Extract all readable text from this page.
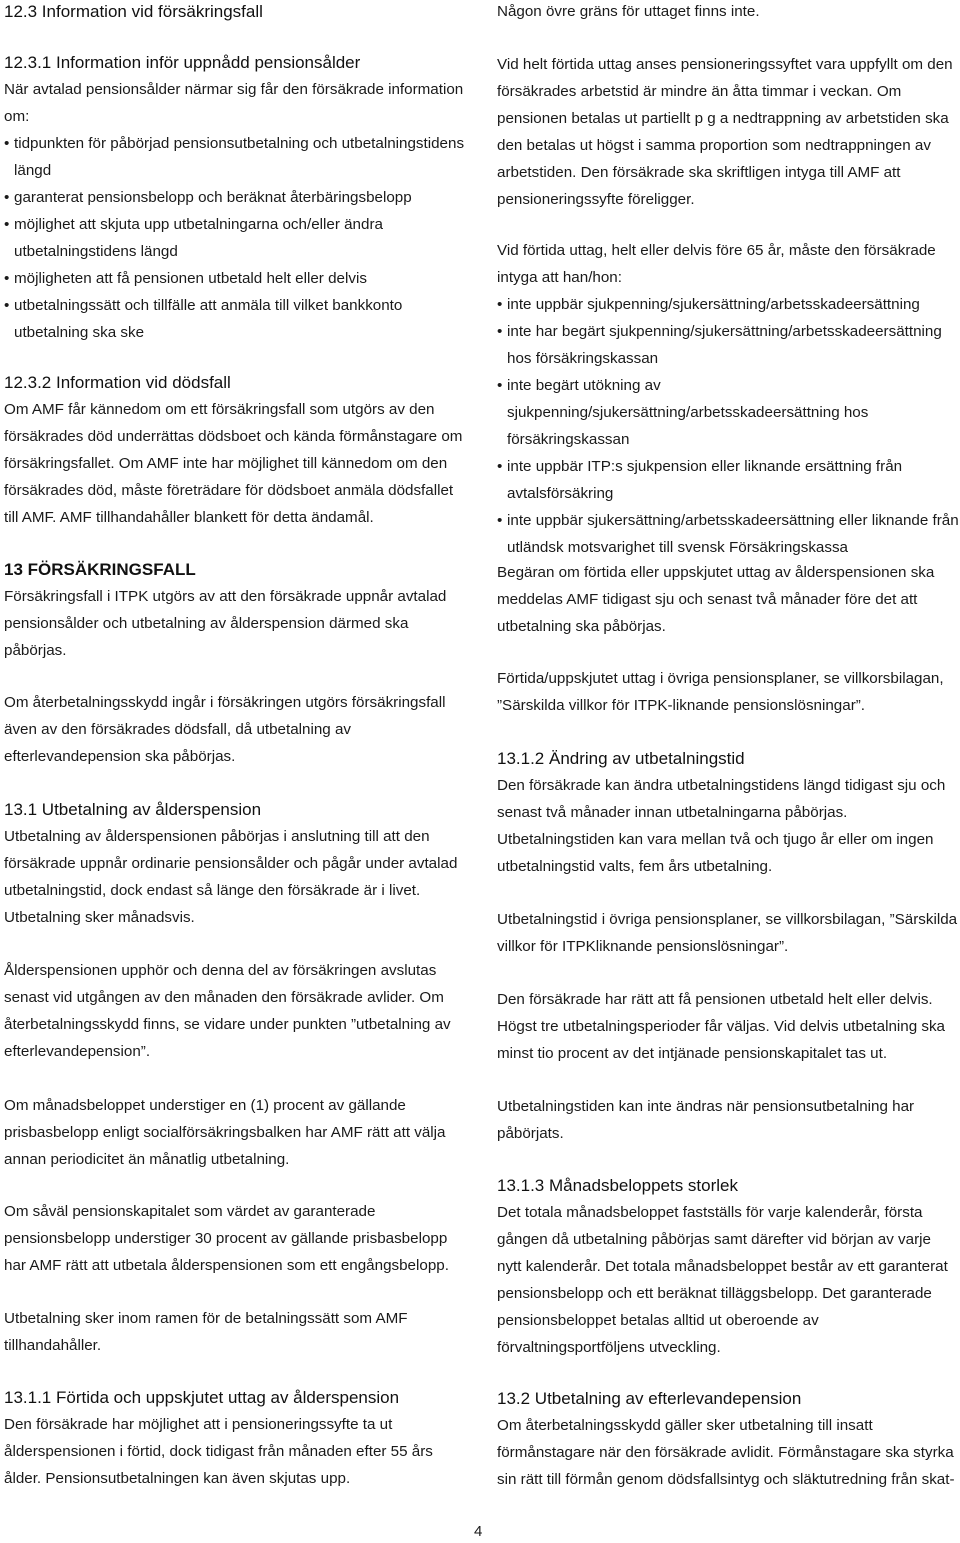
12.3 Information vid försäkringsfall
12.3.1 Information inför uppnådd pensionsålder

När avtalad pensionsålder närmar sig får den försäkrade information om:

• tidpunkten för påbörjad pensionsutbetalning och utbetalningstidens längd
• garanterat pensionsbelopp och beräknat återbäringsbelopp
• möjlighet att skjuta upp utbetalningarna och/eller ändra utbetalningstidens längd
• möjligheten att få pensionen utbetald helt eller delvis
• utbetalningssätt och tillfälle att anmäla till vilket bankkonto utbetalning ska ske
12.3.2 Information vid dödsfall

Om AMF får kännedom om ett försäkringsfall som utgörs av den försäkrades död underrättas dödsboet och kända förmånstagare om försäkringsfallet. Om AMF inte har möjlighet till kännedom om den försäkrades död, måste företrädare för dödsboet anmäla dödsfallet till AMF. AMF tillhandahåller blankett för detta ändamål.

13 FÖRSÄKRINGSFALL

Försäkringsfall i ITPK utgörs av att den försäkrade uppnår avtalad pensionsålder och utbetalning av ålderspension därmed ska påbörjas.

Om återbetalningsskydd ingår i försäkringen utgörs försäkringsfall även av den försäkrades dödsfall, då utbetalning av efterlevandepension ska påbörjas.

13.1 Utbetalning av ålderspension

Utbetalning av ålderspensionen påbörjas i anslutning till att den försäkrade uppnår ordinarie pensionsålder och pågår under avtalad utbetalningstid, dock endast så länge den försäkrade är i livet. Utbetalning sker månadsvis.

Ålderspensionen upphör och denna del av försäkringen avslutas senast vid utgången av den månaden den försäkrade avlider. Om återbetalningsskydd finns, se vidare under punkten ”utbetalning av efterlevandepension”.

Om månadsbeloppet understiger en (1) procent av gällande prisbasbelopp enligt socialförsäkringsbalken har AMF rätt att välja annan periodicitet än månatlig utbetalning.

Om såväl pensionskapitalet som värdet av garanterade pensionsbelopp understiger 30 procent av gällande prisbasbelopp har AMF rätt att utbetala ålderspensionen som ett engångsbelopp.

Utbetalning sker inom ramen för de betalningssätt som AMF tillhandahåller.

13.1.1 Förtida och uppskjutet uttag av ålderspension

Den försäkrade har möjlighet att i pensioneringssyfte ta ut ålderspensionen i förtid, dock tidigast från månaden efter 55 års ålder. Pensionsutbetalningen kan även skjutas upp.

Någon övre gräns för uttaget finns inte.

Vid helt förtida uttag anses pensioneringssyftet vara uppfyllt om den försäkrades arbetstid är mindre än åtta timmar i veckan. Om pensionen betalas ut partiellt p g a nedtrappning av arbetstiden ska den betalas ut högst i samma proportion som nedtrappningen av arbetstiden. Den försäkrade ska skriftligen intyga till AMF att pensioneringssyfte föreligger.

Vid förtida uttag, helt eller delvis före 65 år, måste den försäkrade intyga att han/hon:

• inte uppbär sjukpenning/sjukersättning/arbetsskadeersättning
• inte har begärt sjukpenning/sjukersättning/arbetsskadeersättning hos försäkringskassan
• inte begärt utökning av sjukpenning/sjukersättning/arbetsskadeersättning hos försäkringskassan
• inte uppbär ITP:s sjukpension eller liknande ersättning från avtalsförsäkring
• inte uppbär sjukersättning/arbetsskadeersättning eller liknande från utländsk motsvarighet till svensk Försäkringskassa

Begäran om förtida eller uppskjutet uttag av ålderspensionen ska meddelas AMF tidigast sju och senast två månader före det att utbetalning ska påbörjas.

Förtida/uppskjutet uttag i övriga pensionsplaner, se villkorsbilagan, ”Särskilda villkor för ITPK-liknande pensionslösningar”.

13.1.2 Ändring av utbetalningstid

Den försäkrade kan ändra utbetalningstidens längd tidigast sju och senast två månader innan utbetalningarna påbörjas. Utbetalningstiden kan vara mellan två och tjugo år eller om ingen utbetalningstid valts, fem års utbetalning.

Utbetalningstid i övriga pensionsplaner, se villkorsbilagan, ”Särskilda villkor för ITPKliknande pensionslösningar”.

Den försäkrade har rätt att få pensionen utbetald helt eller delvis. Högst tre utbetalningsperioder får väljas. Vid delvis utbetalning ska minst tio procent av det intjänade pensionskapitalet tas ut.

Utbetalningstiden kan inte ändras när pensionsutbetalning har påbörjats.

13.1.3 Månadsbeloppets storlek

Det totala månadsbeloppet fastställs för varje kalenderår, första gången då utbetalning påbörjas samt därefter vid början av varje nytt kalenderår. Det totala månadsbeloppet består av ett garanterat pensionsbelopp och ett beräknat tilläggsbelopp. Det garanterade pensionsbeloppet betalas alltid ut oberoende av förvaltningsportföljens utveckling.

13.2 Utbetalning av efterlevandepension

Om återbetalningsskydd gäller sker utbetalning till insatt förmånstagare när den försäkrade avlidit. Förmånstagare ska styrka sin rätt till förmån genom dödsfallsintyg och släktutredning från skat-

4
